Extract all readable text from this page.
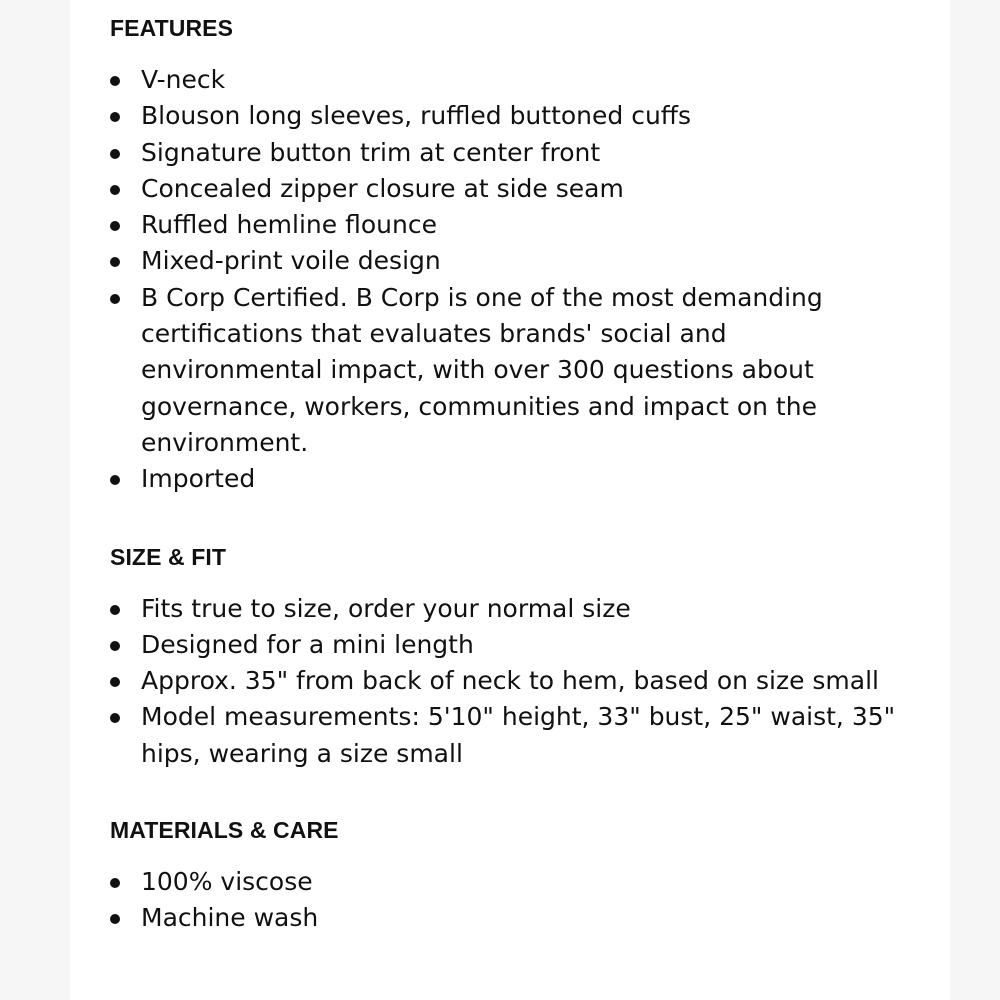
FEATURES
V-neck
Blouson long sleeves, ruffled buttoned cuffs
Signature button trim at center front
Concealed zipper closure at side seam
Ruffled hemline flounce
Mixed-print voile design
B Corp Certified. B Corp is one of the most demanding certifications that evaluates brands' social and environmental impact, with over 300 questions about governance, workers, communities and impact on the environment.
Imported
SIZE & FIT
Fits true to size, order your normal size
Designed for a mini length
Approx. 35" from back of neck to hem, based on size small
Model measurements: 5'10" height, 33" bust, 25" waist, 35" hips, wearing a size small
MATERIALS & CARE
100% viscose
Machine wash
